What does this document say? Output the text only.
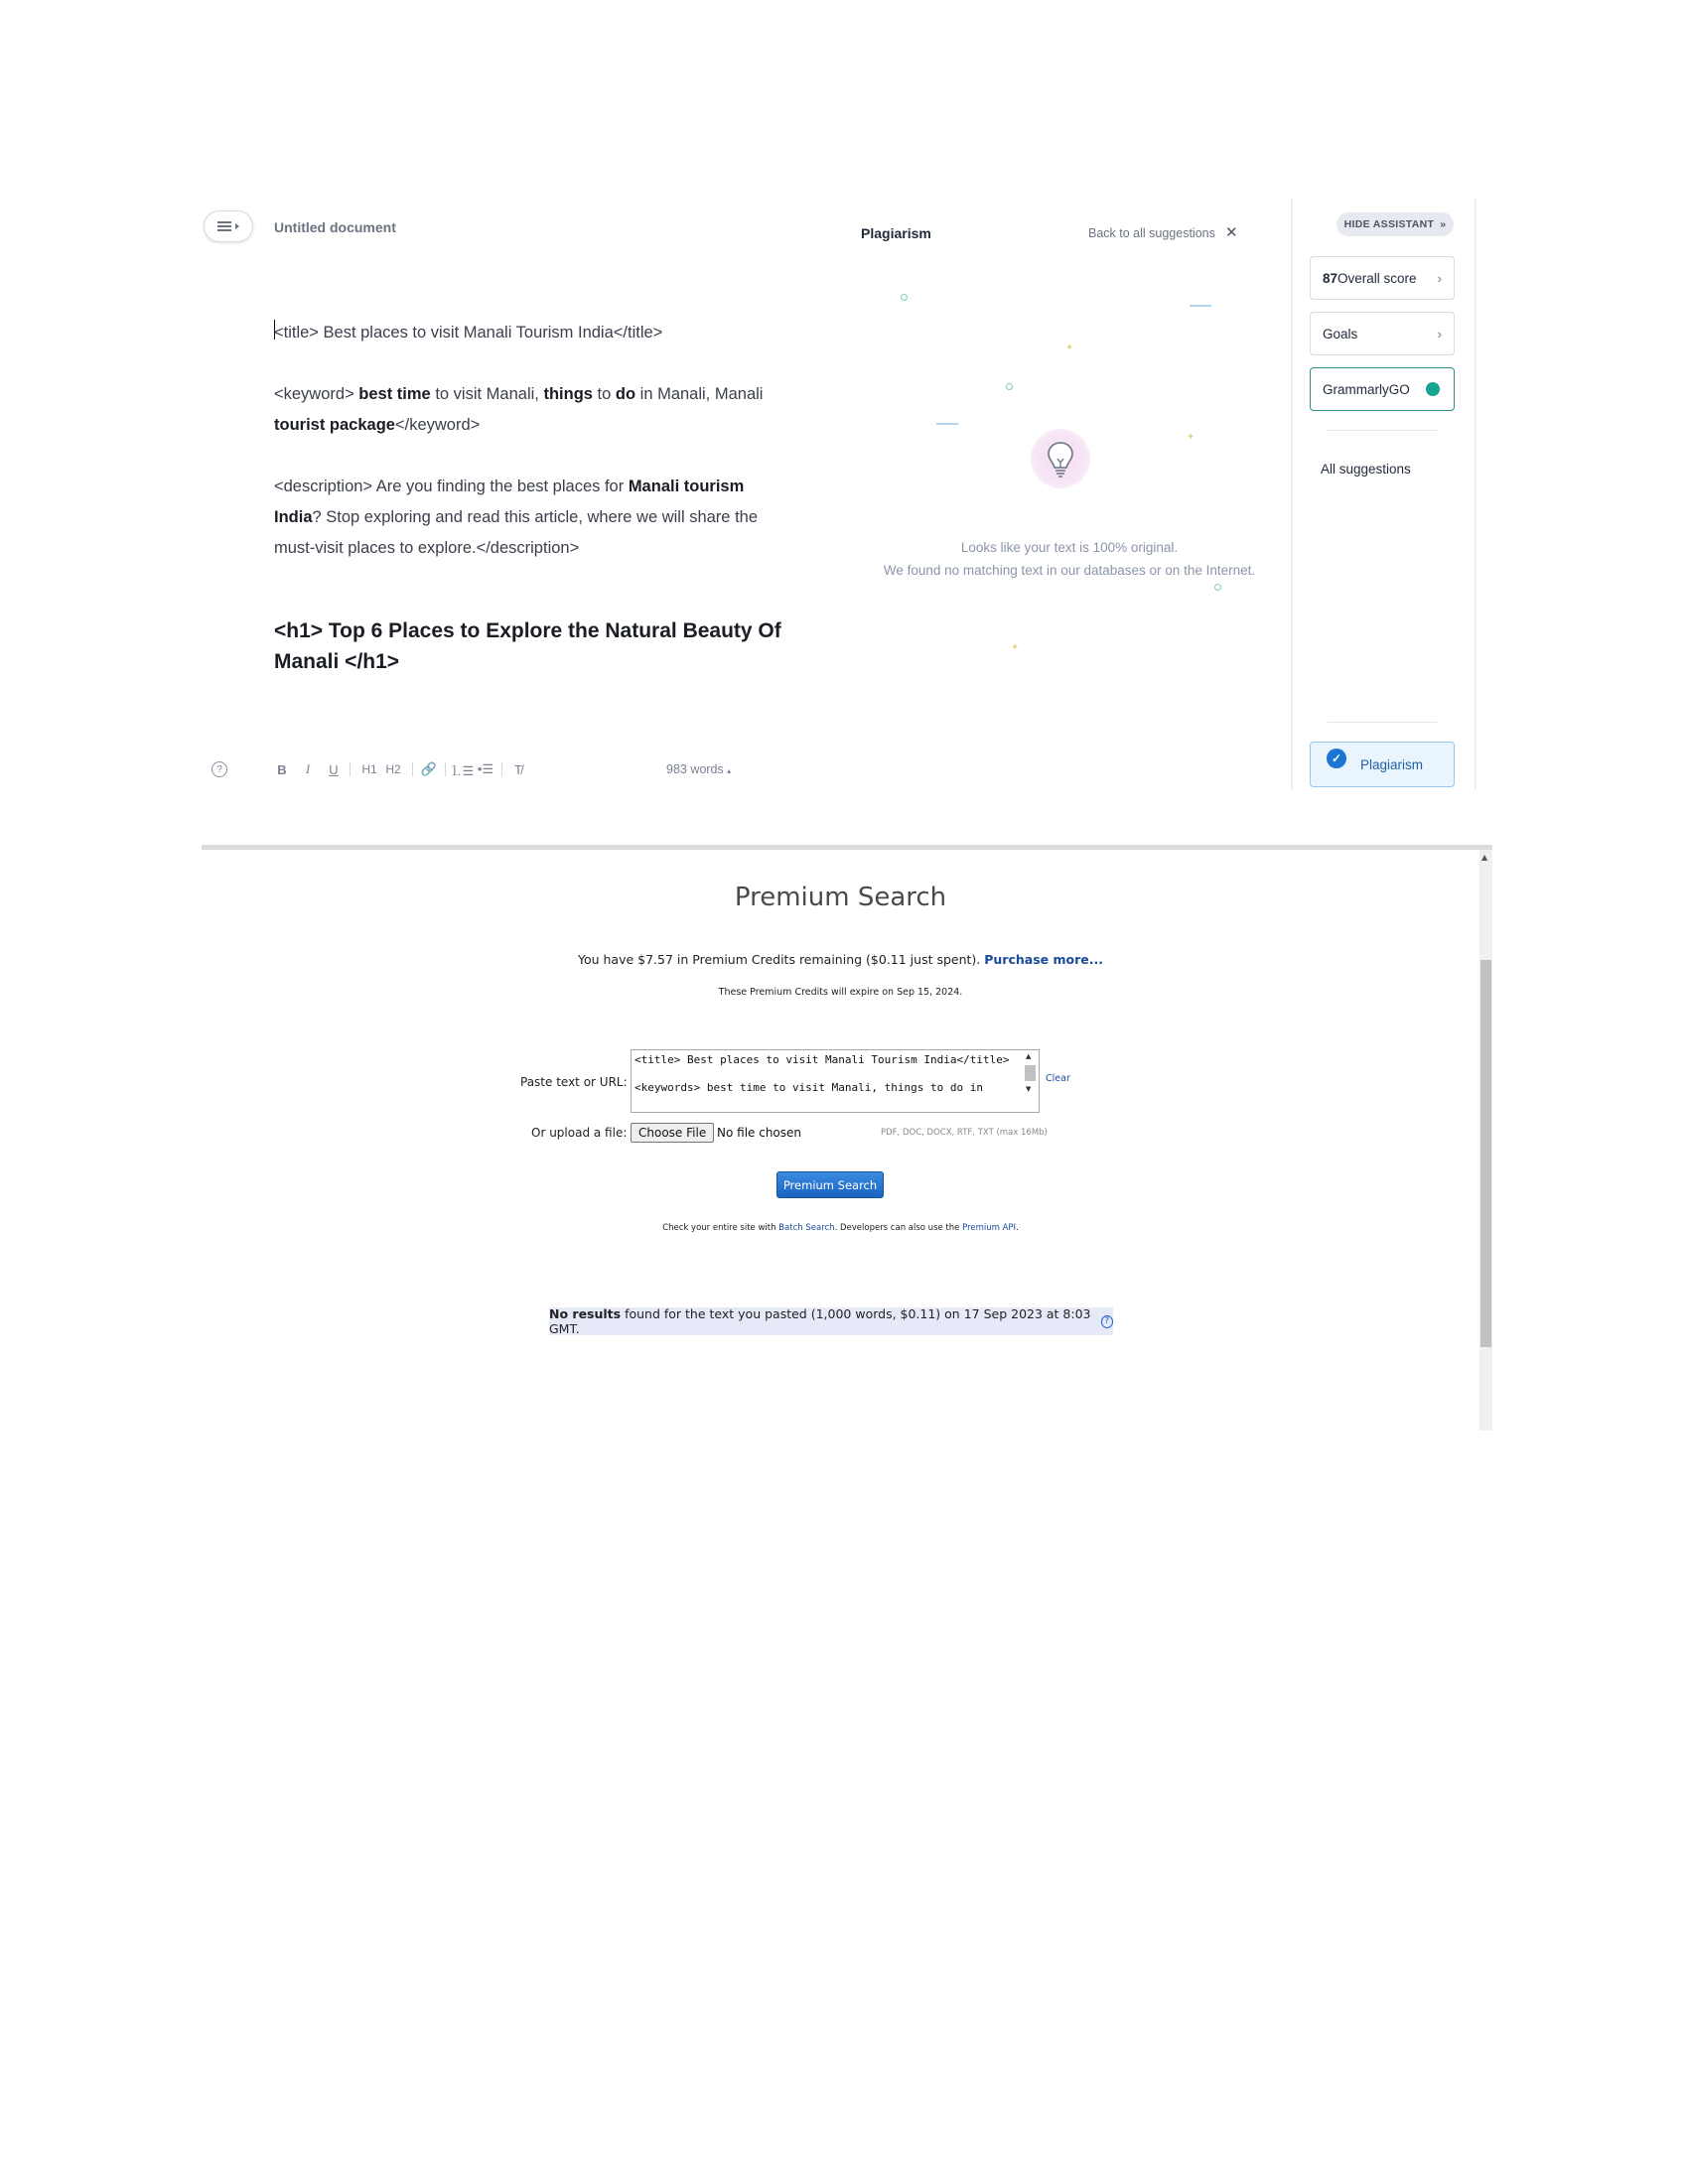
Untitled document

<title> Best places to visit Manali Tourism India</title>

<keyword> best time to visit Manali, things to do in Manali, Manali tourist package</keyword>

<description> Are you finding the best places for Manali tourism India? Stop exploring and read this article, where we will share the must-visit places to explore.</description>

<h1> Top 6 Places to Explore the Natural Beauty Of Manali </h1>
?	B	I	U	H1 H2	🔗 ⒈☰ •☰	T̸	983 words ▴
Plagiarism	Back to all suggestions ✕
✦
✦
✦
Looks like your text is 100% original.
We found no matching text in our databases or on the Internet.
HIDE ASSISTANT »
87 Overall score ›
Goals	›
GrammarlyGO
All suggestions
✓	Plagiarism
▲
Premium Search
You have $7.57 in Premium Credits remaining ($0.11 just spent). Purchase more...
These Premium Credits will expire on Sep 15, 2024.
Paste text or URL:
<title> Best places to visit Manali Tourism India</title> <keywords> best time to visit Manali, things to do in
▲
▼
Clear
Or upload a file: Choose File No file chosen	PDF, DOC, DOCX, RTF, TXT (max 16Mb)
Premium Search
Check your entire site with Batch Search. Developers can also use the Premium API.
No results found for the text you pasted (1,000 words, $0.11) on 17 Sep 2023 at 8:03 GMT.	?
